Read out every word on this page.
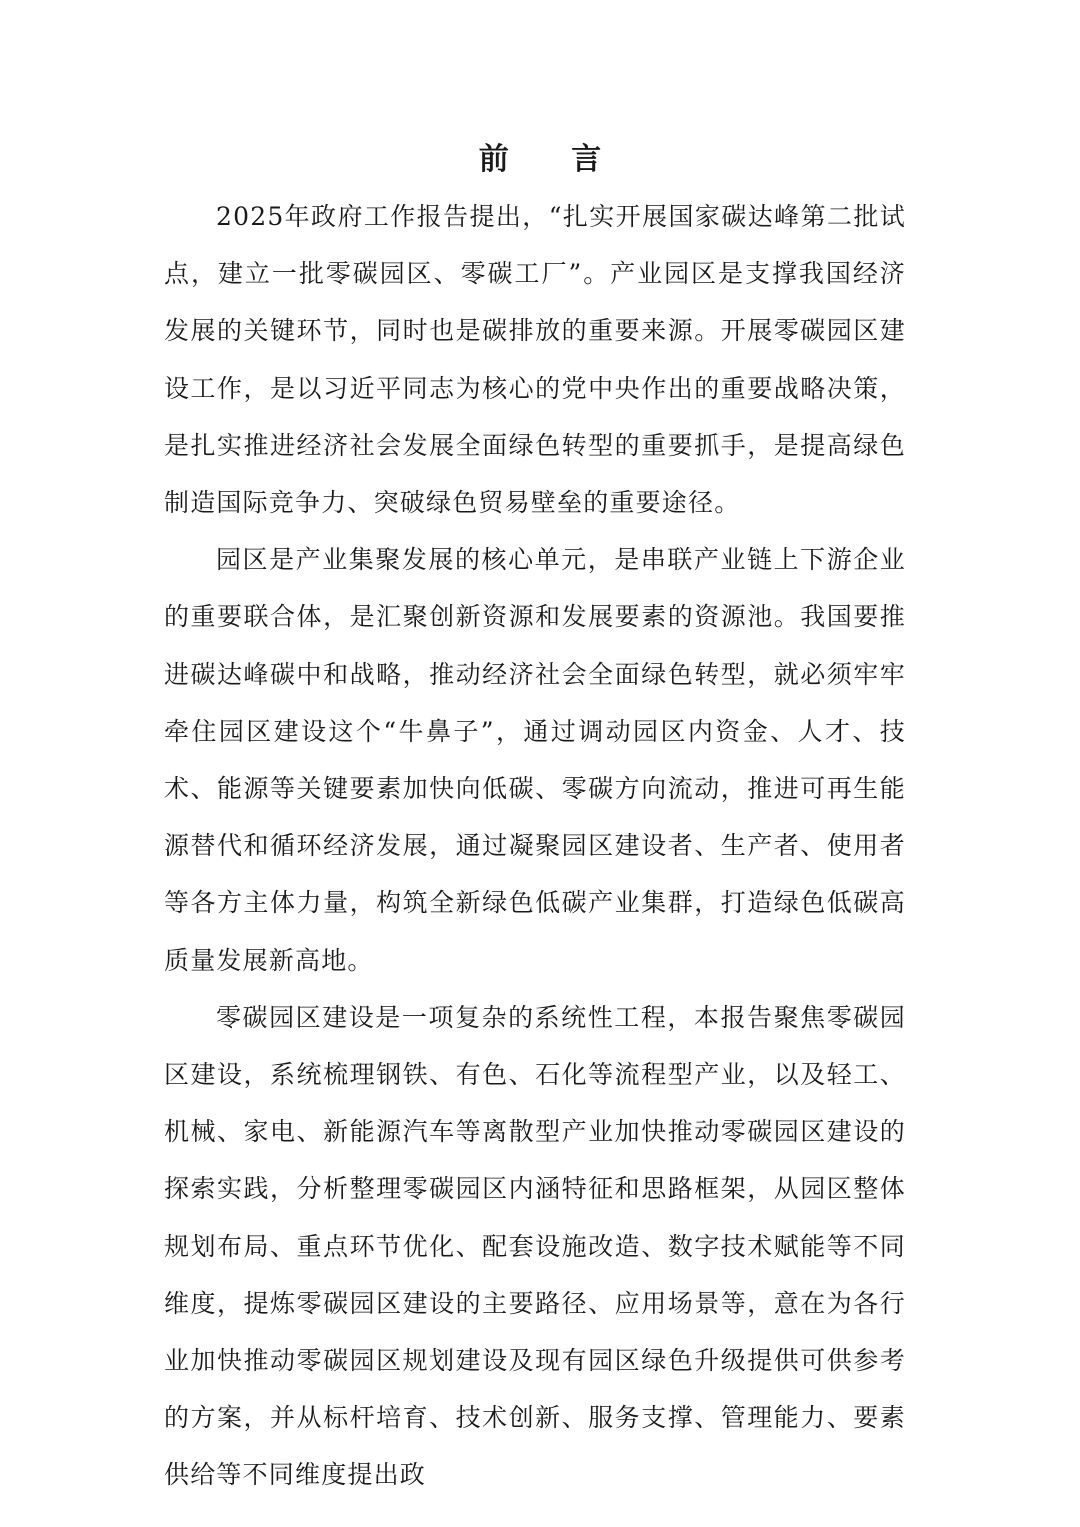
前 言

2025年政府工作报告提出，“扎实开展国家碳达峰第二批试点，建立一批零碳园区、零碳工厂”。产业园区是支撑我国经济发展的关键环节，同时也是碳排放的重要来源。开展零碳园区建设工作，是以习近平同志为核心的党中央作出的重要战略决策，是扎实推进经济社会发展全面绿色转型的重要抓手，是提高绿色制造国际竞争力、突破绿色贸易壁垒的重要途径。

园区是产业集聚发展的核心单元，是串联产业链上下游企业的重要联合体，是汇聚创新资源和发展要素的资源池。我国要推进碳达峰碳中和战略，推动经济社会全面绿色转型，就必须牢牢牵住园区建设这个“牛鼻子”，通过调动园区内资金、人才、技术、能源等关键要素加快向低碳、零碳方向流动，推进可再生能源替代和循环经济发展，通过凝聚园区建设者、生产者、使用者等各方主体力量，构筑全新绿色低碳产业集群，打造绿色低碳高质量发展新高地。

零碳园区建设是一项复杂的系统性工程，本报告聚焦零碳园区建设，系统梳理钢铁、有色、石化等流程型产业，以及轻工、机械、家电、新能源汽车等离散型产业加快推动零碳园区建设的探索实践，分析整理零碳园区内涵特征和思路框架，从园区整体规划布局、重点环节优化、配套设施改造、数字技术赋能等不同维度，提炼零碳园区建设的主要路径、应用场景等，意在为各行业加快推动零碳园区规划建设及现有园区绿色升级提供可供参考的方案，并从标杆培育、技术创新、服务支撑、管理能力、要素供给等不同维度提出政
